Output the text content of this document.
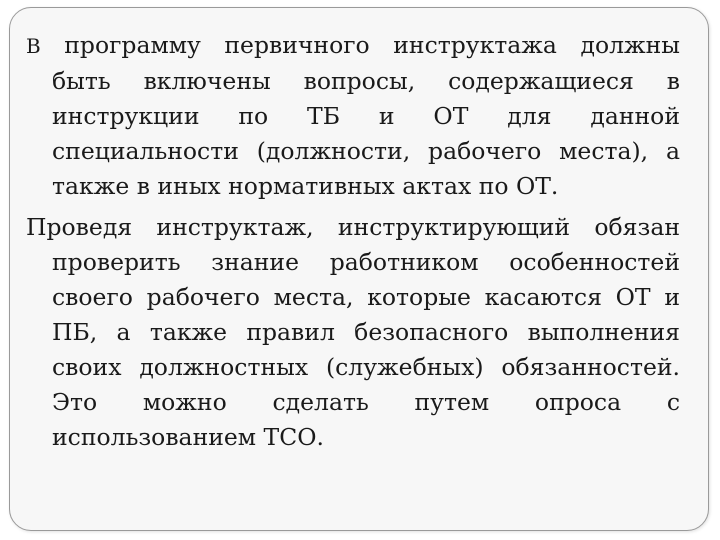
В программу первичного инструктажа должны быть включены вопросы, содержащиеся в инструкции по ТБ и ОТ для данной специальности (должности, рабочего места), а также в иных нормативных актах по ОТ.

Проведя инструктаж, инструктирующий обязан проверить знание работником особенностей своего рабочего места, которые касаются ОТ и ПБ, а также правил безопасного выполнения своих должностных (служебных) обязанностей. Это можно сделать путем опроса с использованием ТСО.
